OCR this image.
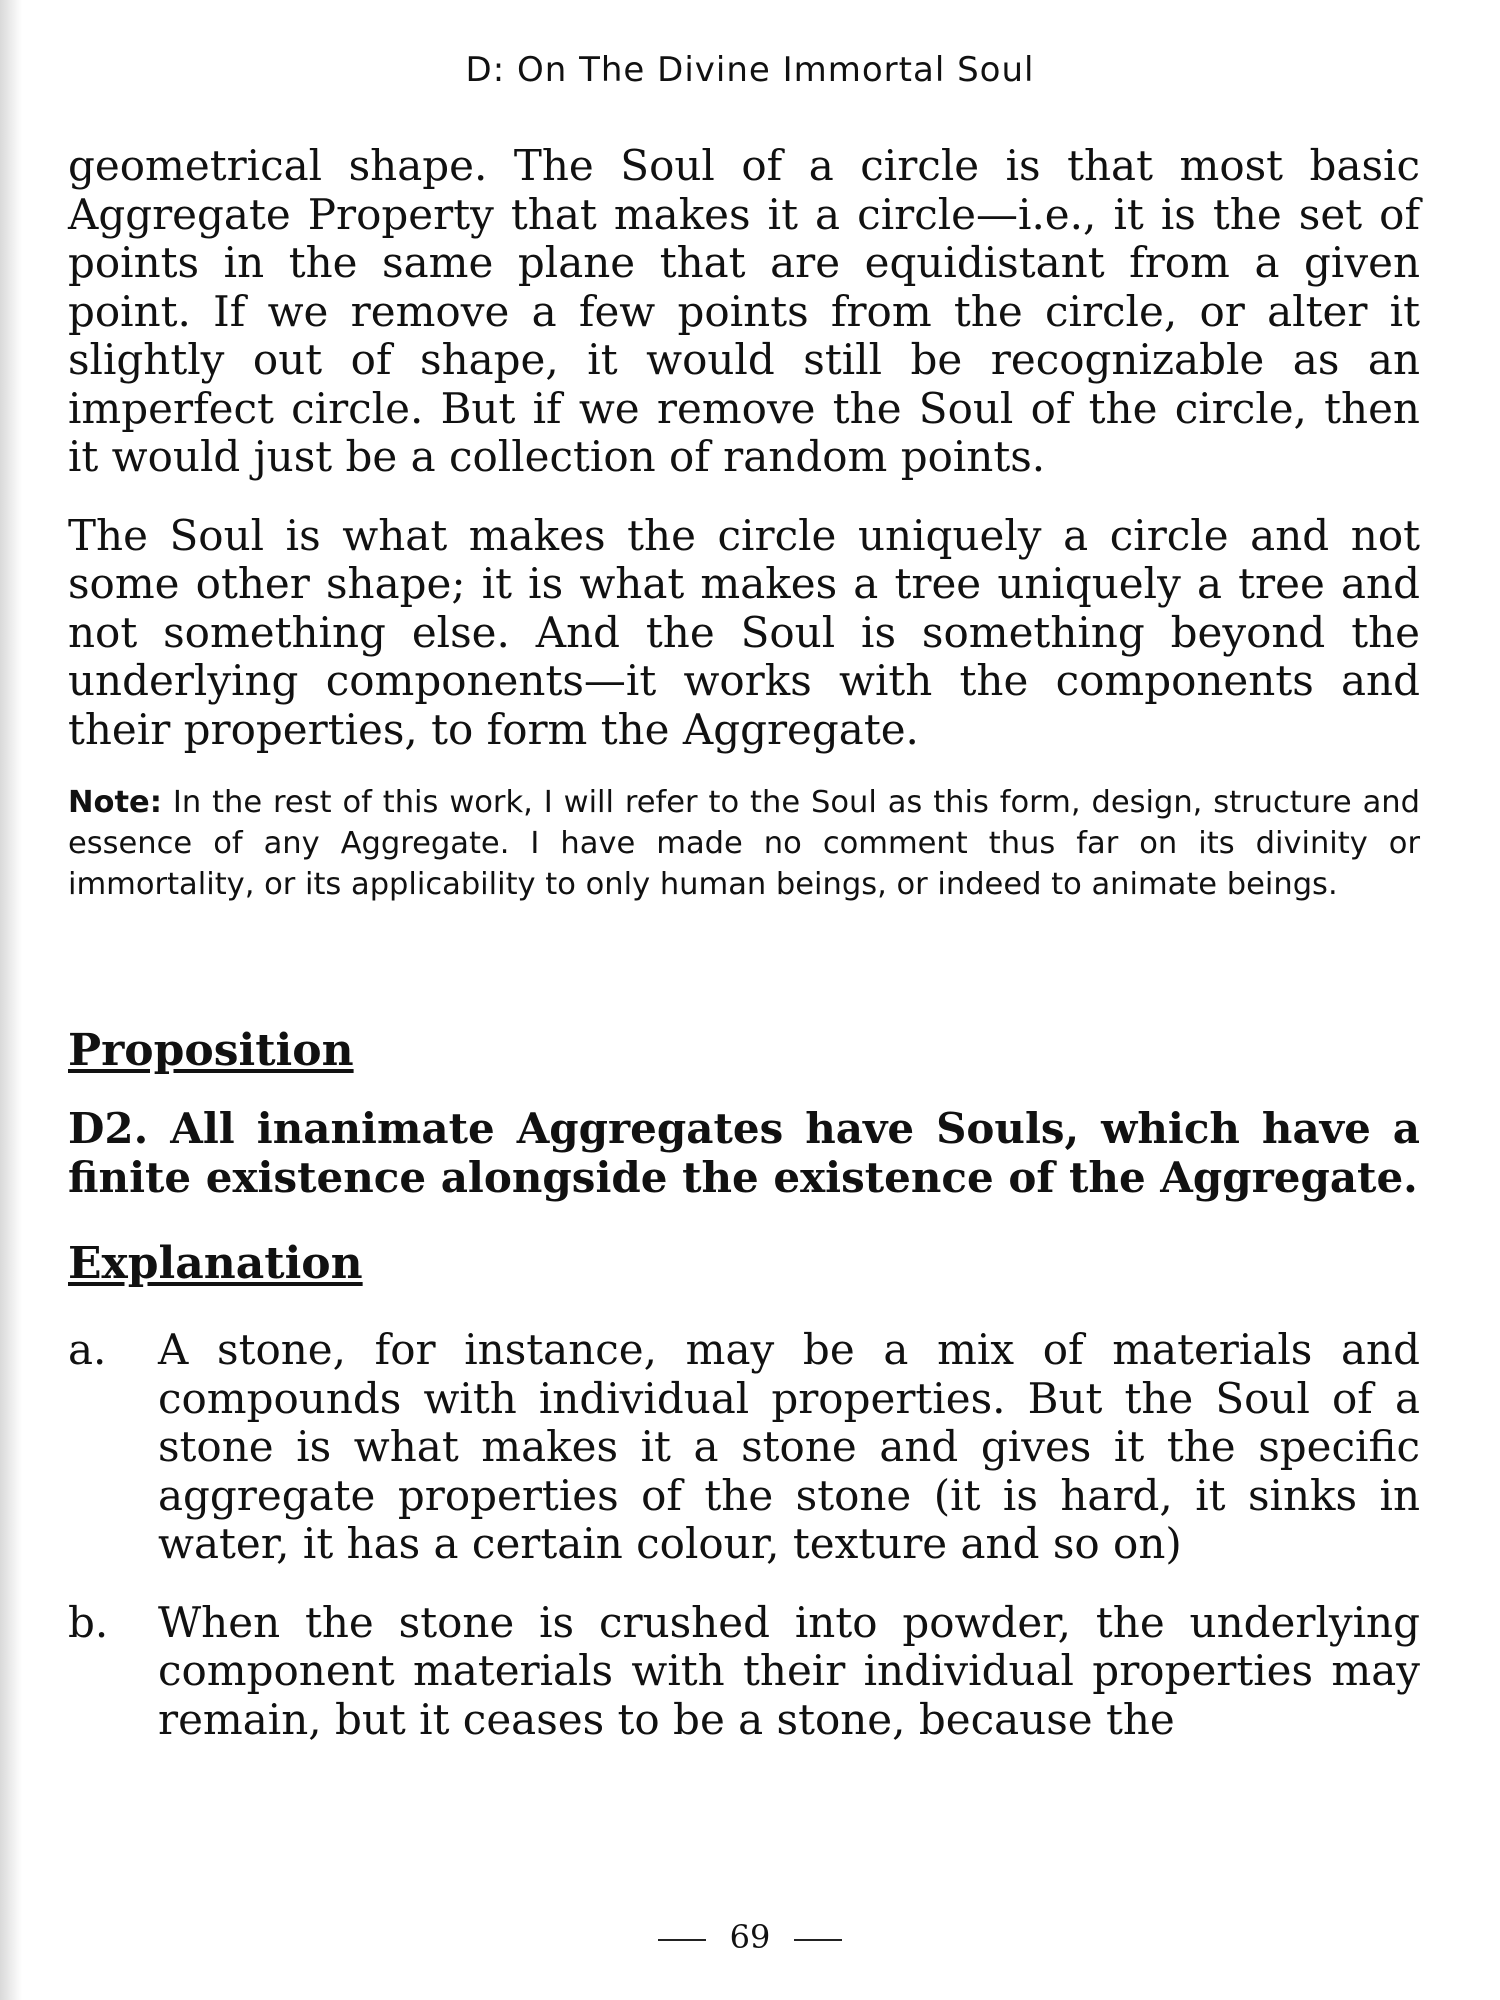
D: On The Divine Immortal Soul

geometrical shape. The Soul of a circle is that most basic Aggregate Property that makes it a circle—i.e., it is the set of points in the same plane that are equidistant from a given point. If we remove a few points from the circle, or alter it slightly out of shape, it would still be recognizable as an imperfect circle. But if we remove the Soul of the circle, then it would just be a collection of random points.

The Soul is what makes the circle uniquely a circle and not some other shape; it is what makes a tree uniquely a tree and not something else. And the Soul is something beyond the underlying components—it works with the components and their properties, to form the Aggregate.

Note: In the rest of this work, I will refer to the Soul as this form, design, structure and essence of any Aggregate. I have made no comment thus far on its divinity or immortality, or its applicability to only human beings, or indeed to animate beings.

Proposition

D2. All inanimate Aggregates have Souls, which have a finite existence alongside the existence of the Aggregate.

Explanation
a.	A stone, for instance, may be a mix of materials and compounds with individual properties. But the Soul of a stone is what makes it a stone and gives it the specific aggregate properties of the stone (it is hard, it sinks in water, it has a certain colour, texture and so on)
b.	When the stone is crushed into powder, the underlying component materials with their individual properties may remain, but it ceases to be a stone, because the
69
